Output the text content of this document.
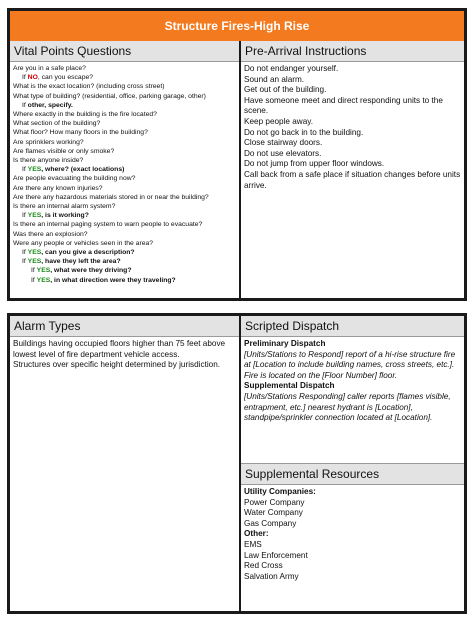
Structure Fires-High Rise
Vital Points Questions
Are you in a safe place?
If NO, can you escape?
What is the exact location? (including cross street)
What type of building? (residential, office, parking garage, other)
If other, specify.
Where exactly in the building is the fire located?
What section of the building?
What floor? How many floors in the building?
Are sprinklers working?
Are flames visible or only smoke?
Is there anyone inside?
If YES, where? (exact locations)
Are people evacuating the building now?
Are there any known injuries?
Are there any hazardous materials stored in or near the building?
Is there an internal alarm system?
If YES, is it working?
Is there an internal paging system to warn people to evacuate?
Was there an explosion?
Were any people or vehicles seen in the area?
If YES, can you give a description?
If YES, have they left the area?
If YES, what were they driving?
If YES, in what direction were they traveling?
Pre-Arrival Instructions
Do not endanger yourself.
Sound an alarm.
Get out of the building.
Have someone meet and direct responding units to the scene.
Keep people away.
Do not go back in to the building.
Close stairway doors.
Do not use elevators.
Do not jump from upper floor windows.
Call back from a safe place if situation changes before units arrive.
Alarm Types
Buildings having occupied floors higher than 75 feet above lowest level of fire department vehicle access.
Structures over specific height determined by jurisdiction.
Scripted Dispatch
Preliminary Dispatch
[Units/Stations to Respond] report of a hi-rise structure fire at [Location to include building names, cross streets, etc.]. Fire is located on the [Floor Number] floor.
Supplemental Dispatch
[Units/Stations Responding] caller reports [flames visible, entrapment, etc.] nearest hydrant is [Location], standpipe/sprinkler connection located at [Location].
Supplemental Resources
Utility Companies:
Power Company
Water Company
Gas Company
Other:
EMS
Law Enforcement
Red Cross
Salvation Army
